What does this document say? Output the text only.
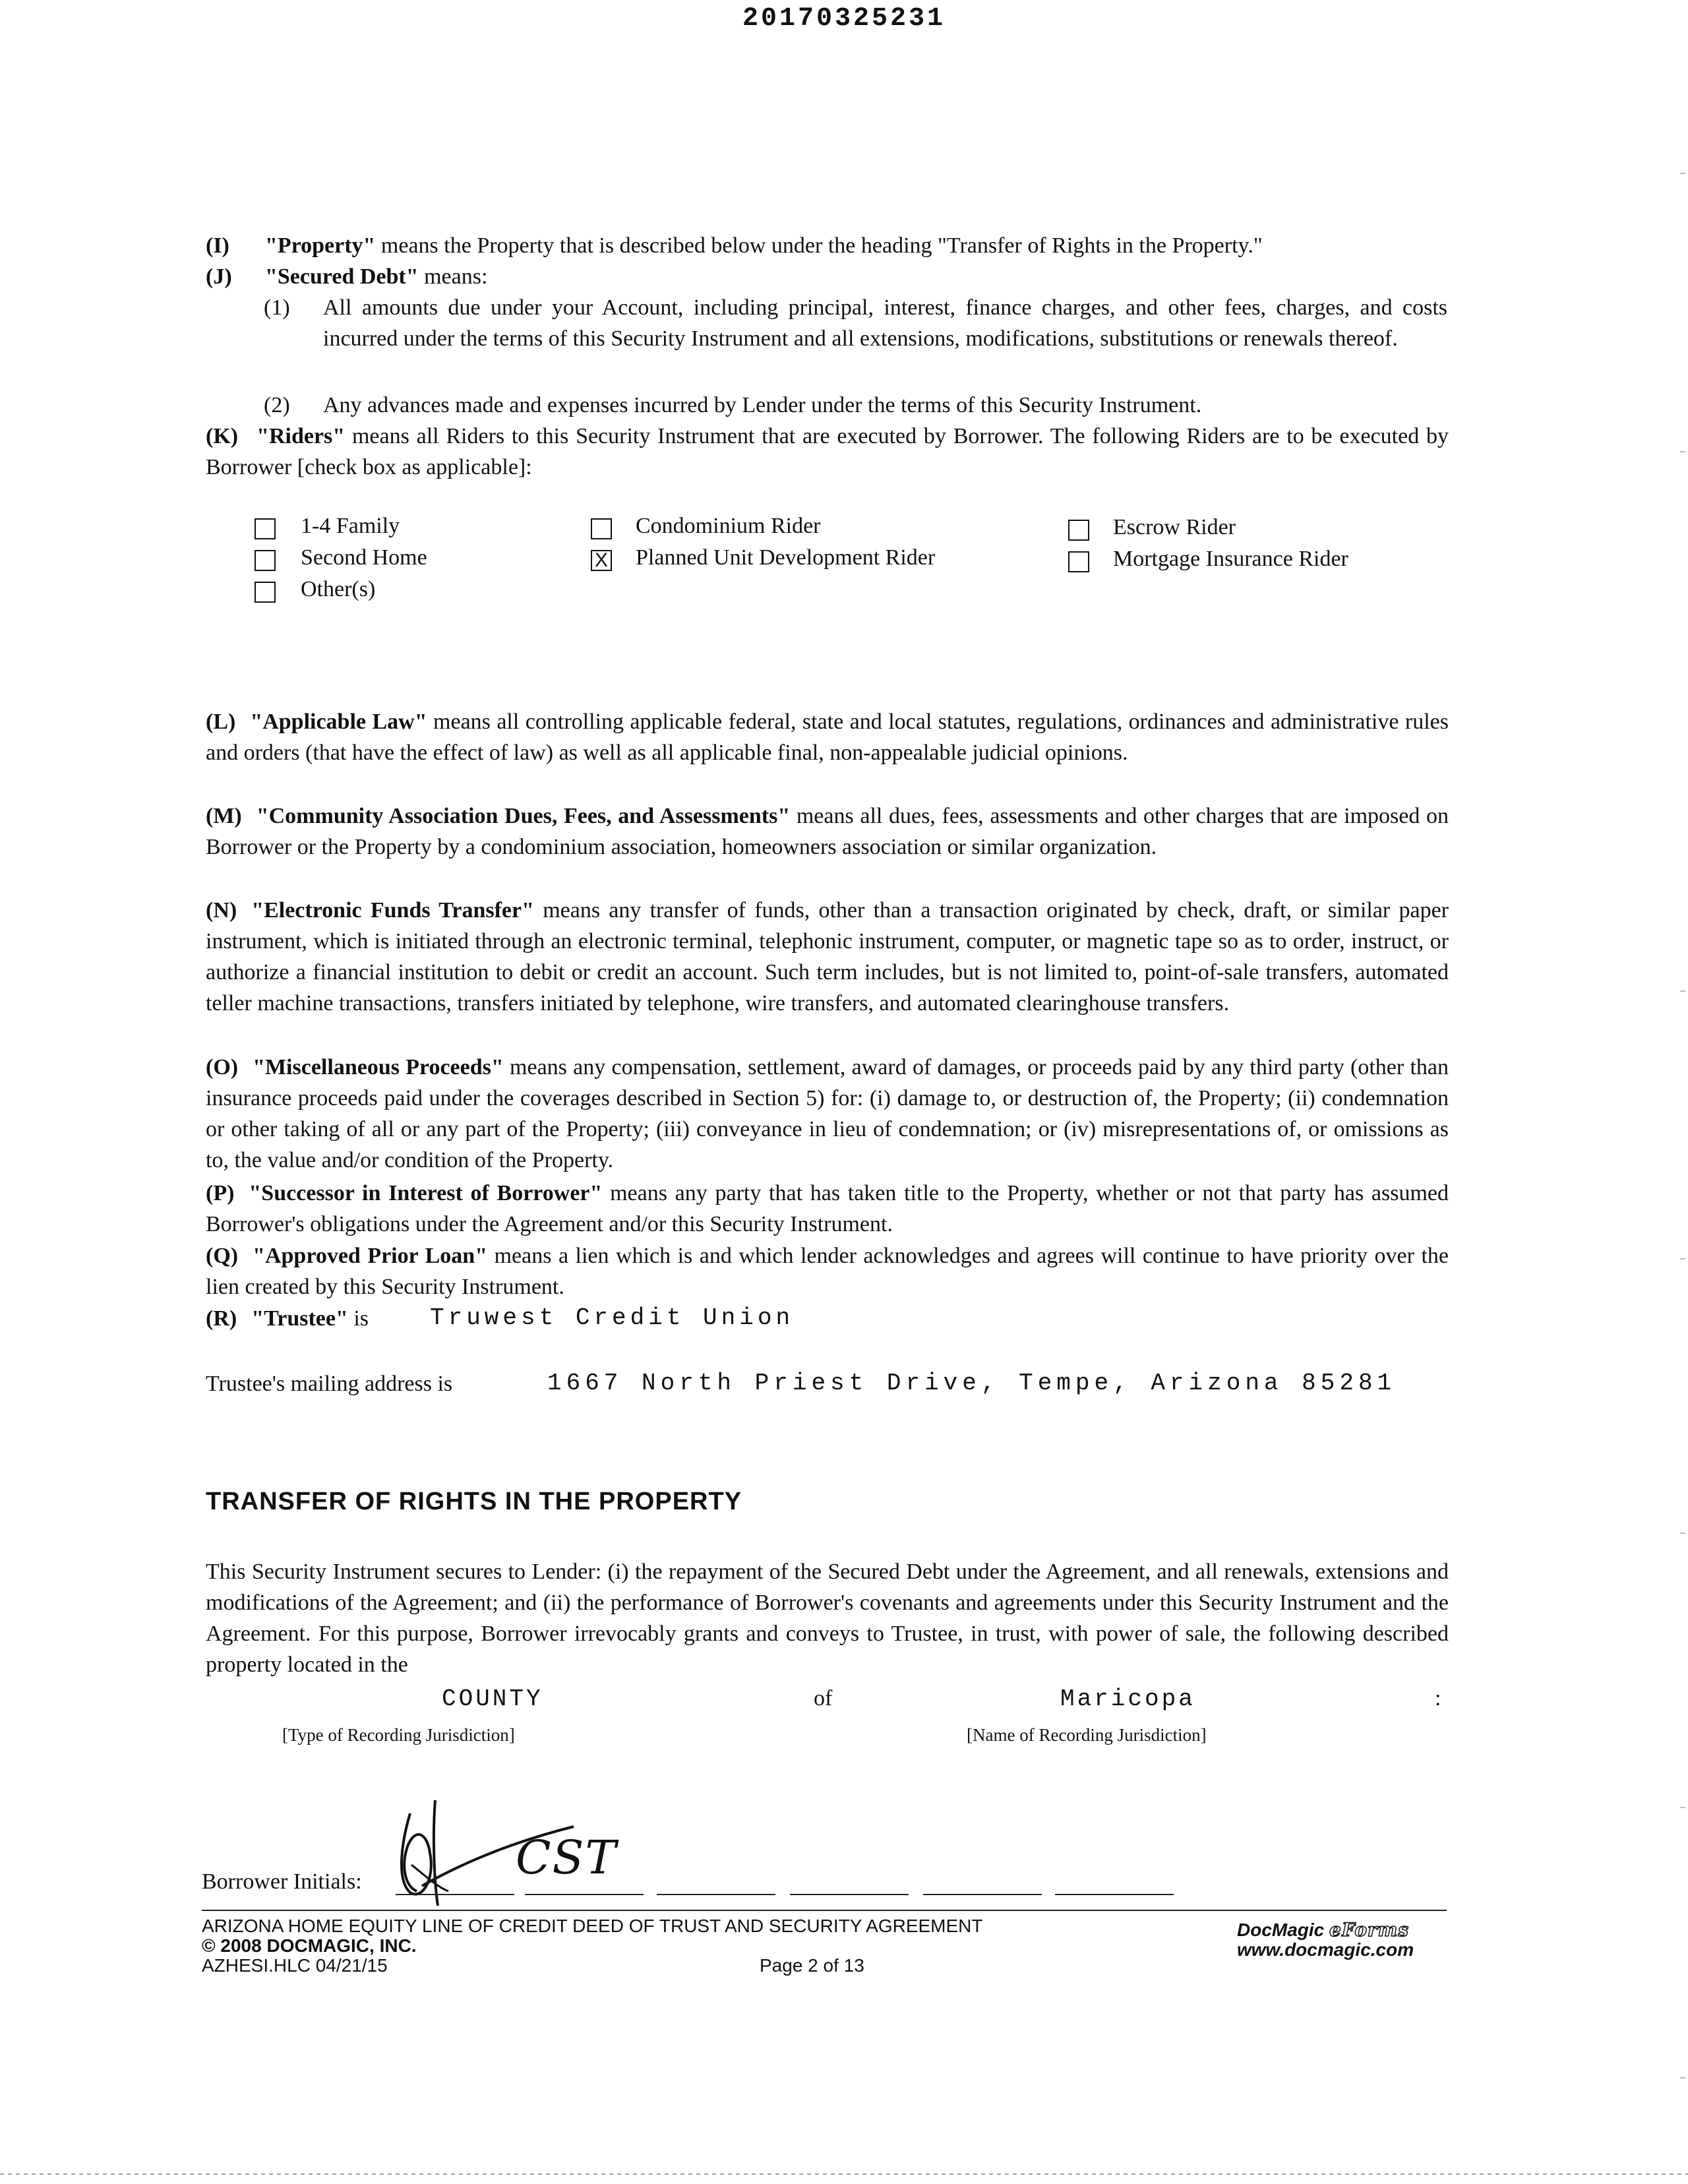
20170325231
(I) "Property" means the Property that is described below under the heading "Transfer of Rights in the Property."
(J) "Secured Debt" means:
(1) All amounts due under your Account, including principal, interest, finance charges, and other fees, charges, and costs incurred under the terms of this Security Instrument and all extensions, modifications, substitutions or renewals thereof.
(2) Any advances made and expenses incurred by Lender under the terms of this Security Instrument.
(K) "Riders" means all Riders to this Security Instrument that are executed by Borrower. The following Riders are to be executed by Borrower [check box as applicable]:
1-4 Family
Second Home
Other(s)
Condominium Rider
X Planned Unit Development Rider
Escrow Rider
Mortgage Insurance Rider
(L) "Applicable Law" means all controlling applicable federal, state and local statutes, regulations, ordinances and administrative rules and orders (that have the effect of law) as well as all applicable final, non-appealable judicial opinions.
(M) "Community Association Dues, Fees, and Assessments" means all dues, fees, assessments and other charges that are imposed on Borrower or the Property by a condominium association, homeowners association or similar organization.
(N) "Electronic Funds Transfer" means any transfer of funds, other than a transaction originated by check, draft, or similar paper instrument, which is initiated through an electronic terminal, telephonic instrument, computer, or magnetic tape so as to order, instruct, or authorize a financial institution to debit or credit an account. Such term includes, but is not limited to, point-of-sale transfers, automated teller machine transactions, transfers initiated by telephone, wire transfers, and automated clearinghouse transfers.
(O) "Miscellaneous Proceeds" means any compensation, settlement, award of damages, or proceeds paid by any third party (other than insurance proceeds paid under the coverages described in Section 5) for: (i) damage to, or destruction of, the Property; (ii) condemnation or other taking of all or any part of the Property; (iii) conveyance in lieu of condemnation; or (iv) misrepresentations of, or omissions as to, the value and/or condition of the Property.
(P) "Successor in Interest of Borrower" means any party that has taken title to the Property, whether or not that party has assumed Borrower's obligations under the Agreement and/or this Security Instrument.
(Q) "Approved Prior Loan" means a lien which is and which lender acknowledges and agrees will continue to have priority over the lien created by this Security Instrument.
(R) "Trustee" is	Truwest Credit Union
Trustee's mailing address is	1667 North Priest Drive, Tempe, Arizona 85281
TRANSFER OF RIGHTS IN THE PROPERTY
This Security Instrument secures to Lender: (i) the repayment of the Secured Debt under the Agreement, and all renewals, extensions and modifications of the Agreement; and (ii) the performance of Borrower's covenants and agreements under this Security Instrument and the Agreement. For this purpose, Borrower irrevocably grants and conveys to Trustee, in trust, with power of sale, the following described property located in the
COUNTY	of	Maricopa	:
[Type of Recording Jurisdiction]	[Name of Recording Jurisdiction]
Borrower Initials:	CST
ARIZONA HOME EQUITY LINE OF CREDIT DEED OF TRUST AND SECURITY AGREEMENT
© 2008 DOCMAGIC, INC.
AZHESI.HLC 04/21/15	Page 2 of 13
DocMagic eForms
www.docmagic.com
